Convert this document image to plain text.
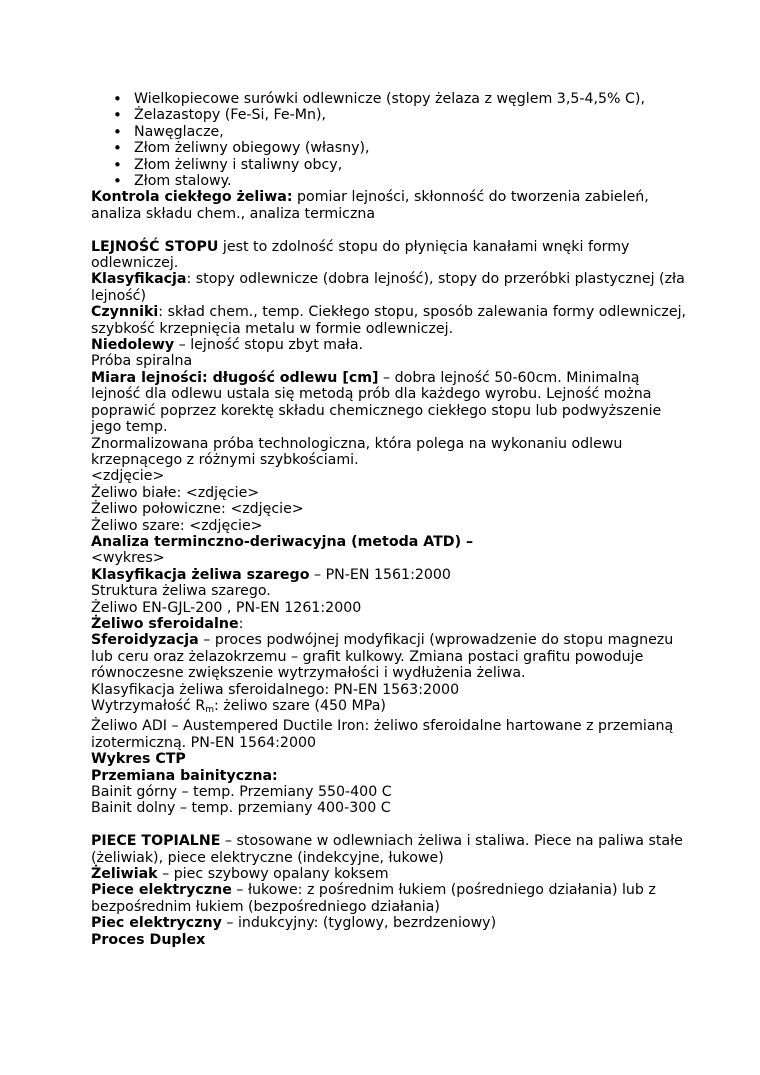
• Wielkopiecowe surówki odlewnicze (stopy żelaza z węglem 3,5-4,5% C),
• Żelazastopy (Fe-Si, Fe-Mn),
• Nawęglacze,
• Złom żeliwny obiegowy (własny),
• Złom żeliwny i staliwny obcy,
• Złom stalowy.

Kontrola ciekłego żeliwa: pomiar lejności, skłonność do tworzenia zabieleń, analiza składu chem., analiza termiczna

LEJNOŚĆ STOPU jest to zdolność stopu do płynięcia kanałami wnęki formy odlewniczej.

Klasyfikacja: stopy odlewnicze (dobra lejność), stopy do przeróbki plastycznej (zła lejność)

Czynniki: skład chem., temp. Ciekłego stopu, sposób zalewania formy odlewniczej, szybkość krzepnięcia metalu w formie odlewniczej.

Niedolewy – lejność stopu zbyt mała.

Próba spiralna

Miara lejności: długość odlewu [cm] – dobra lejność 50-60cm. Minimalną lejność dla odlewu ustala się metodą prób dla każdego wyrobu. Lejność można poprawić poprzez korektę składu chemicznego ciekłego stopu lub podwyższenie jego temp.

Znormalizowana próba technologiczna, która polega na wykonaniu odlewu krzepnącego z różnymi szybkościami.

<zdjęcie>

Żeliwo białe: <zdjęcie>

Żeliwo połowiczne: <zdjęcie>

Żeliwo szare: <zdjęcie>

Analiza terminczno-deriwacyjna (metoda ATD) –

<wykres>

Klasyfikacja żeliwa szarego – PN-EN 1561:2000

Struktura żeliwa szarego.

Żeliwo EN-GJL-200 , PN-EN 1261:2000

Żeliwo sferoidalne:

Sferoidyzacja – proces podwójnej modyfikacji (wprowadzenie do stopu magnezu lub ceru oraz żelazokrzemu – grafit kulkowy. Zmiana postaci grafitu powoduje równoczesne zwiększenie wytrzymałości i wydłużenia żeliwa.

Klasyfikacja żeliwa sferoidalnego: PN-EN 1563:2000

Wytrzymałość $R_m$: żeliwo szare (450 MPa)

Żeliwo ADI – Austempered Ductile Iron: żeliwo sferoidalne hartowane z przemianą izotermiczną. PN-EN 1564:2000

Wykres CTP

Przemiana bainityczna:

Bainit górny – temp. Przemiany 550-400 C

Bainit dolny – temp. przemiany 400-300 C

PIECE TOPIALNE – stosowane w odlewniach żeliwa i staliwa. Piece na paliwa stałe (żeliwiak), piece elektryczne (indekcyjne, łukowe)

Żeliwiak – piec szybowy opalany koksem

Piece elektryczne – łukowe: z pośrednim łukiem (pośredniego działania) lub z bezpośrednim łukiem (bezpośredniego działania)

Piec elektryczny – indukcyjny: (tyglowy, bezrdzeniowy)

Proces Duplex
